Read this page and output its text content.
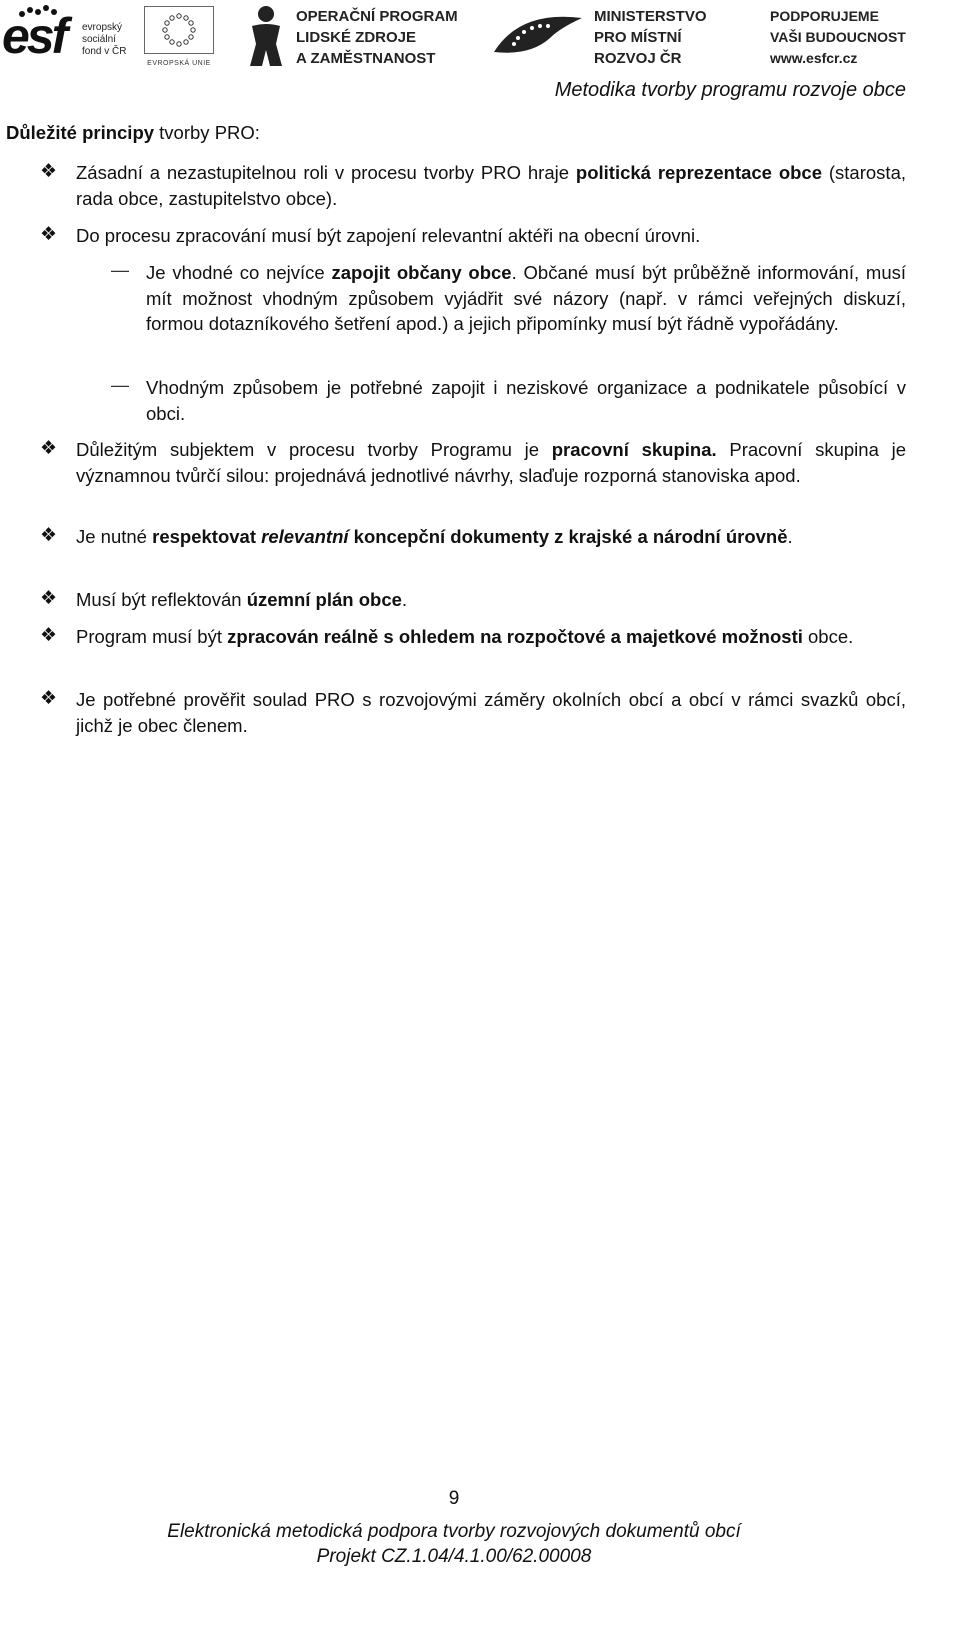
esf evropský
sociální
fond v ČR
EVROPSKÁ UNIE
OPERAČNÍ PROGRAM
LIDSKÉ ZDROJE
A ZAMĚSTNANOST
MINISTERSTVO
PRO MÍSTNÍ
ROZVOJ ČR
PODPORUJEME
VAŠI BUDOUCNOST
www.esfcr.cz
Metodika tvorby programu rozvoje obce
Důležité principy tvorby PRO:
❖ Zásadní a nezastupitelnou roli v procesu tvorby PRO hraje politická reprezentace obce (starosta, rada obce, zastupitelstvo obce).
❖ Do procesu zpracování musí být zapojení relevantní aktéři na obecní úrovni.
— Je vhodné co nejvíce zapojit občany obce. Občané musí být průběžně informování, musí mít možnost vhodným způsobem vyjádřit své názory (např. v rámci veřejných diskuzí, formou dotazníkového šetření apod.) a jejich připomínky musí být řádně vypořádány.
— Vhodným způsobem je potřebné zapojit i neziskové organizace a podnikatele působící v obci.
❖ Důležitým subjektem v procesu tvorby Programu je pracovní skupina. Pracovní skupina je významnou tvůrčí silou: projednává jednotlivé návrhy, slaďuje rozporná stanoviska apod.
❖ Je nutné respektovat relevantní koncepční dokumenty z krajské a národní úrovně.
❖ Musí být reflektován územní plán obce.
❖ Program musí být zpracován reálně s ohledem na rozpočtové a majetkové možnosti obce.
❖ Je potřebné prověřit soulad PRO s rozvojovými záměry okolních obcí a obcí v rámci svazků obcí, jichž je obec členem.
9
Elektronická metodická podpora tvorby rozvojových dokumentů obcí
Projekt CZ.1.04/4.1.00/62.00008
